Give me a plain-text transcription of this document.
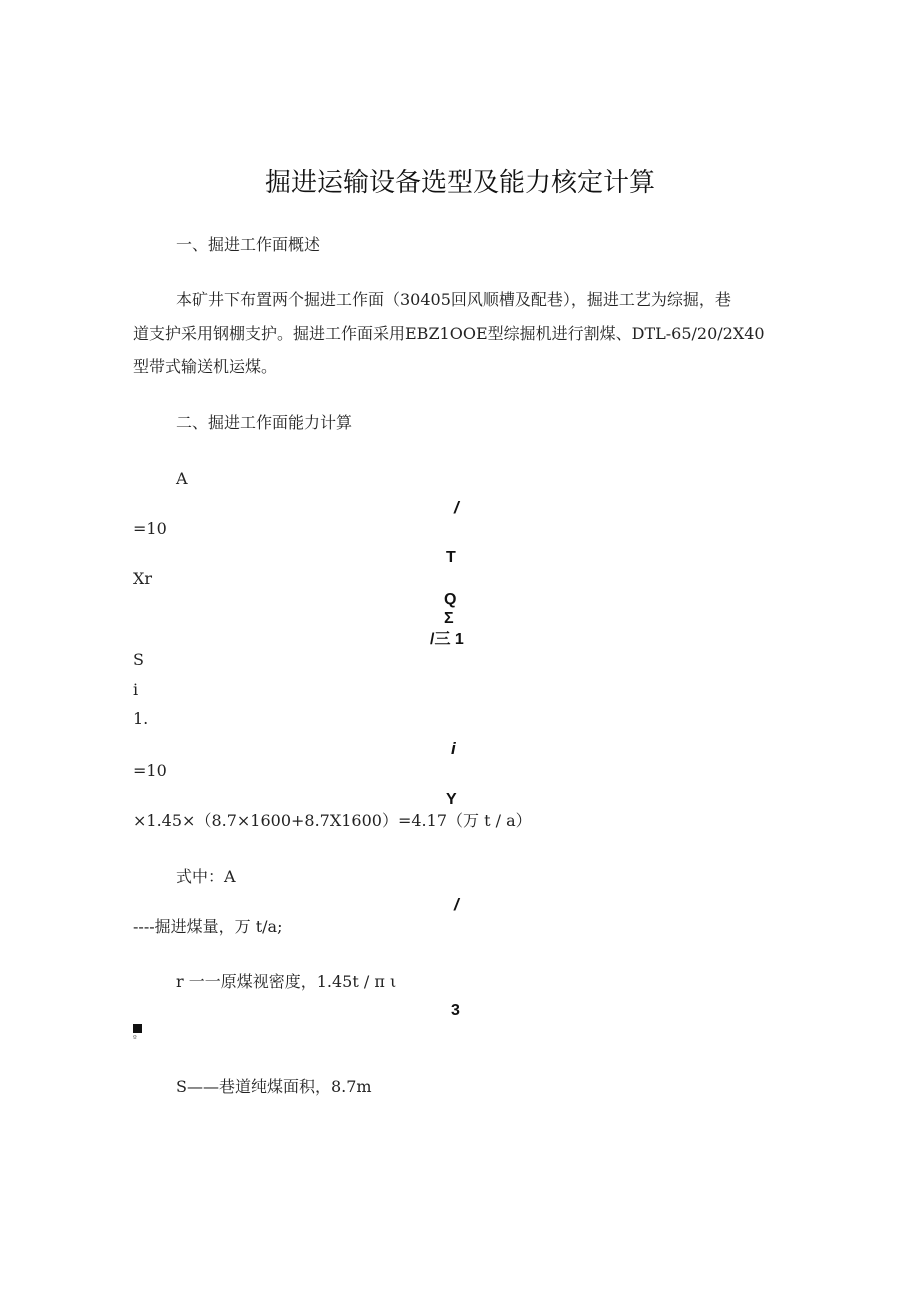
掘进运输设备选型及能力核定计算
一、掘进工作面概述
本矿井下布置两个掘进工作面（30405回风顺槽及配巷），掘进工艺为综掘，巷
道支护采用钢棚支护。掘进工作面采用EBZ1OOE型综掘机进行割煤、DTL-65/20/2X40
型带式输送机运煤。
二、掘进工作面能力计算
A
/
=10
T
Xr
Q
Σ
/三 1
S
i
1.
i
=10
Y
×1.45×（8.7×1600+8.7X1600）=4.17（万 t / a）
式中：A
/
----掘进煤量，万 t/a;
r 一一原煤视密度，1.45t / π ι
3
º
S——巷道纯煤面积，8.7m
